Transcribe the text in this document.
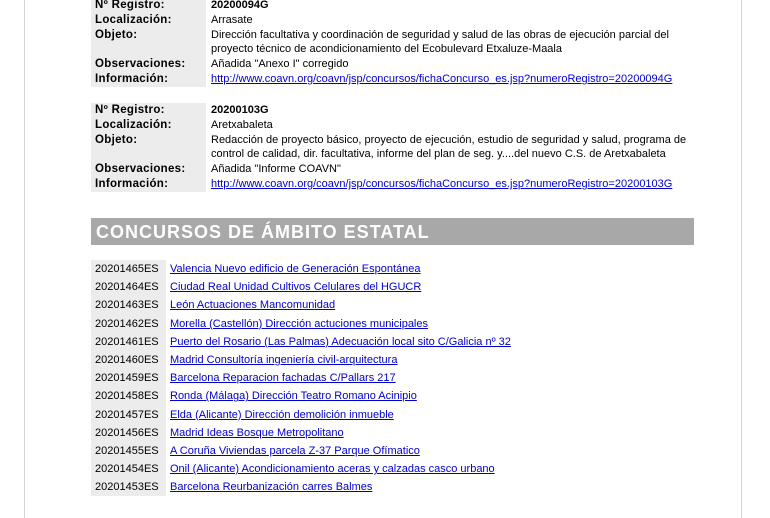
Nº Registro:	20200094G
Localización:	Arrasate
Objeto:	Dirección facultativa y coordinación de seguridad y salud de las obras de ejecución parcial del proyecto técnico de acondicionamiento del Ecobulevard Etxaluze-Maala
Observaciones:	Añadida "Anexo I" corregido
Información:	http://www.coavn.org/coavn/jsp/concursos/fichaConcurso_es.jsp?numeroRegistro=20200094G
Nº Registro:	20200103G
Localización:	Aretxabaleta
Objeto:	Redacción de proyecto básico, proyecto de ejecución, estudio de seguridad y salud, programa de control de calidad, dir. facultativa, informe del plan de seg. y....del nuevo C.S. de Aretxabaleta
Observaciones:	Añadida "Informe COAVN"
Información:	http://www.coavn.org/coavn/jsp/concursos/fichaConcurso_es.jsp?numeroRegistro=20200103G
CONCURSOS DE ÁMBITO ESTATAL
20201465ES	Valencia Nuevo edificio de Generación Espontánea
20201464ES	Ciudad Real Unidad Cultivos Celulares del HGUCR
20201463ES	León Actuaciones Mancomunidad
20201462ES	Morella (Castellón) Dirección actuciones municipales
20201461ES	Puerto del Rosario (Las Palmas) Adecuación local sito C/Galicia nº 32
20201460ES	Madrid Consultoría ingeniería civil-arquitectura
20201459ES	Barcelona Reparacion fachadas C/Pallars 217
20201458ES	Ronda (Málaga) Dirección Teatro Romano Acinipio
20201457ES	Elda (Alicante) Dirección demolición inmueble
20201456ES	Madrid Ideas Bosque Metropolitano
20201455ES	A Coruña Viviendas parcela Z-37 Parque Ofímatico
20201454ES	Onil (Alicante) Acondicionamiento aceras y calzadas casco urbano
20201453ES	Barcelona Reurbanización carres Balmes
